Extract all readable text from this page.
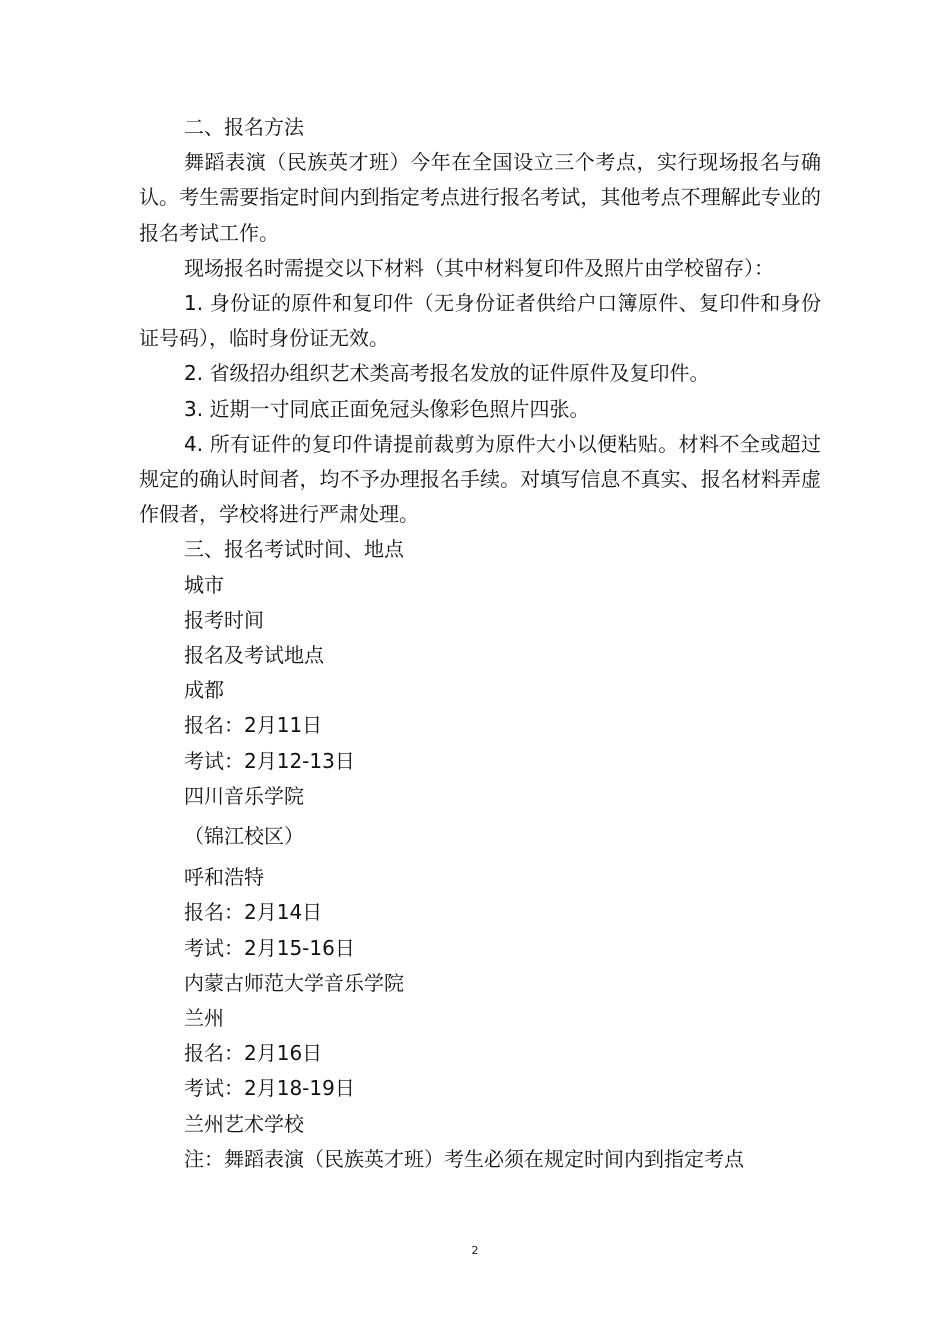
二、报名方法

舞蹈表演（民族英才班）今年在全国设立三个考点，实行现场报名与确认。考生需要指定时间内到指定考点进行报名考试，其他考点不理解此专业的报名考试工作。

现场报名时需提交以下材料（其中材料复印件及照片由学校留存）：

1. 身份证的原件和复印件（无身份证者供给户口簿原件、复印件和身份证号码），临时身份证无效。

2. 省级招办组织艺术类高考报名发放的证件原件及复印件。

3. 近期一寸同底正面免冠头像彩色照片四张。

4. 所有证件的复印件请提前裁剪为原件大小以便粘贴。材料不全或超过规定的确认时间者，均不予办理报名手续。对填写信息不真实、报名材料弄虚作假者，学校将进行严肃处理。

三、报名考试时间、地点

城市

报考时间

报名及考试地点

成都

报名：2月11日

考试：2月12-13日

四川音乐学院

（锦江校区）

呼和浩特

报名：2月14日

考试：2月15-16日

内蒙古师范大学音乐学院

兰州

报名：2月16日

考试：2月18-19日

兰州艺术学校

注：舞蹈表演（民族英才班）考生必须在规定时间内到指定考点

2
